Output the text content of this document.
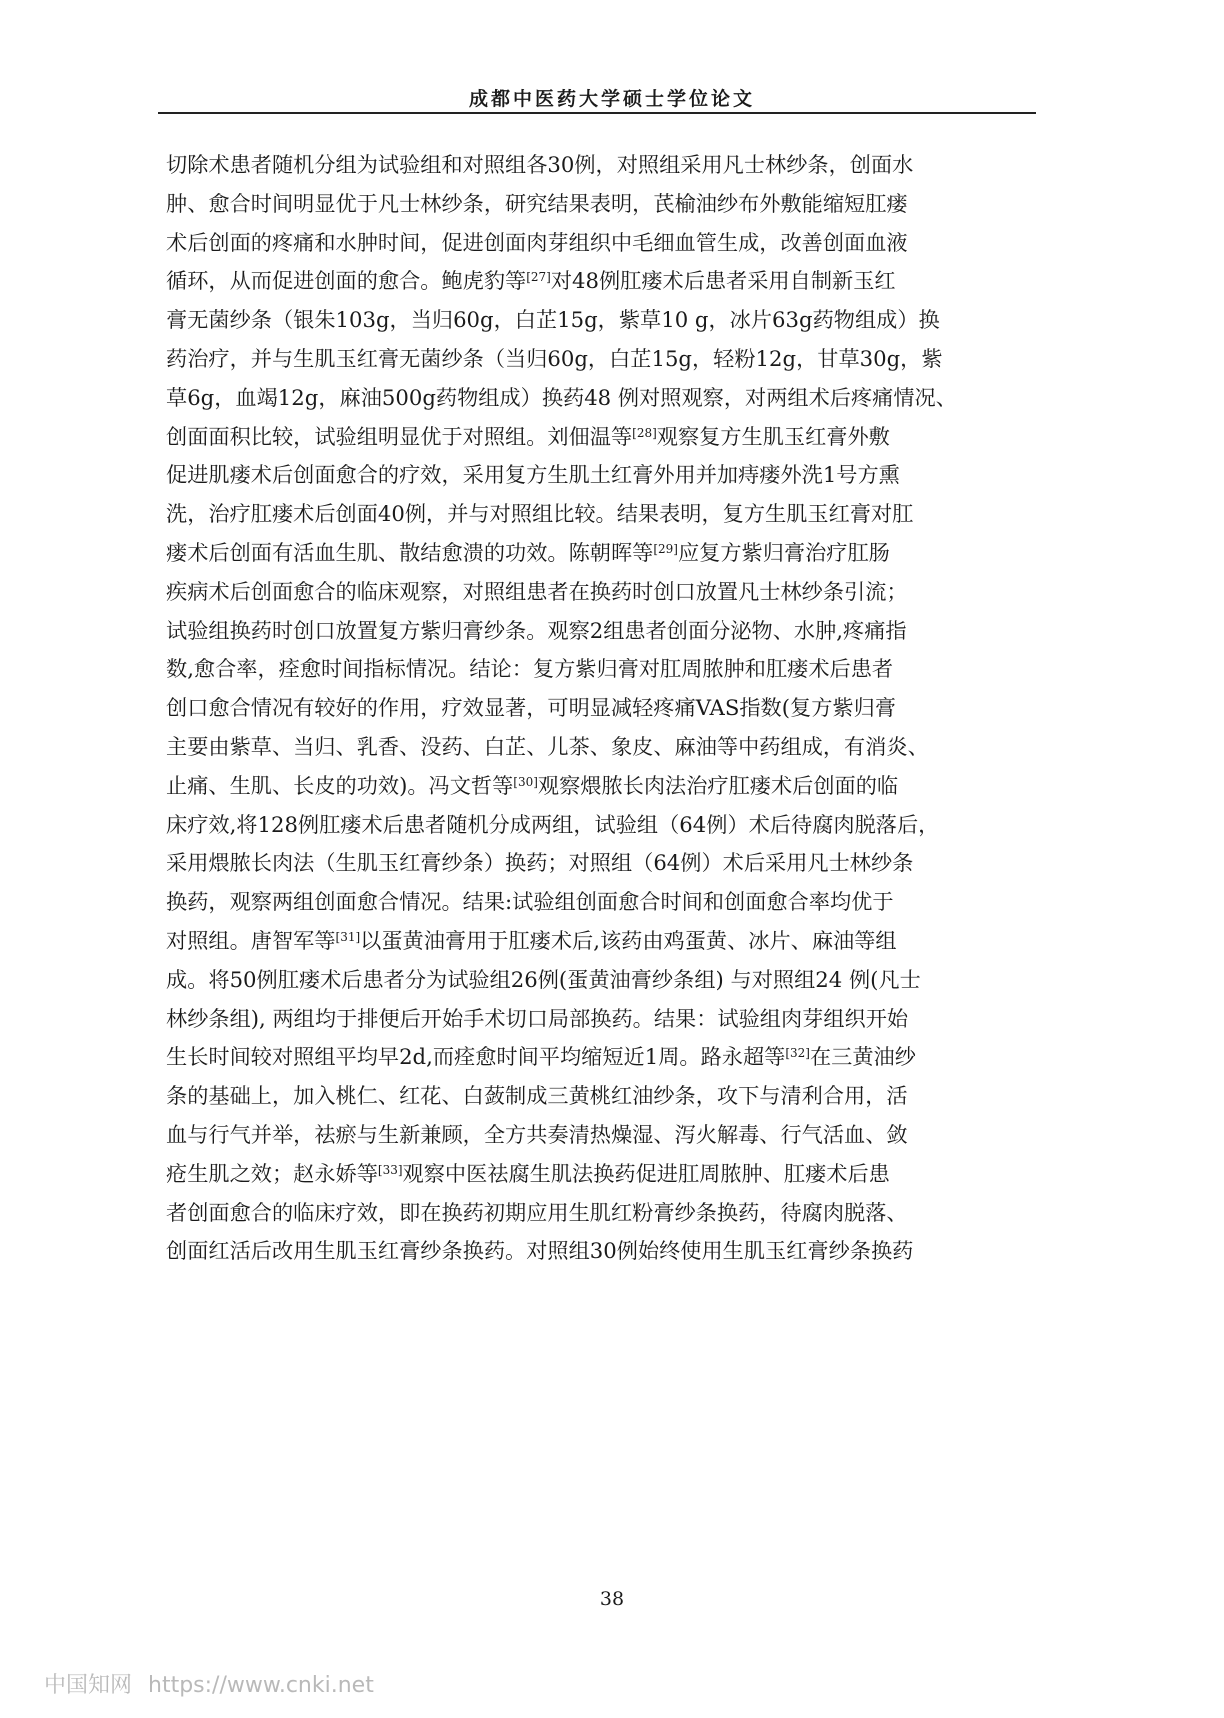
成都中医药大学硕士学位论文
切除术患者随机分组为试验组和对照组各30例，对照组采用凡士林纱条，创面水
肿、愈合时间明显优于凡士林纱条，研究结果表明，芪榆油纱布外敷能缩短肛瘘
术后创面的疼痛和水肿时间，促进创面肉芽组织中毛细血管生成，改善创面血液
循环，从而促进创面的愈合。鲍虎豹等[27]对48例肛瘘术后患者采用自制新玉红
膏无菌纱条（银朱103g，当归60g，白芷15g，紫草10 g，冰片63g药物组成）换
药治疗，并与生肌玉红膏无菌纱条（当归60g，白芷15g，轻粉12g，甘草30g，紫
草6g，血竭12g，麻油500g药物组成）换药48 例对照观察，对两组术后疼痛情况、
创面面积比较，试验组明显优于对照组。刘佃温等[28]观察复方生肌玉红膏外敷
促进肌瘘术后创面愈合的疗效，采用复方生肌土红膏外用并加痔瘘外洗1号方熏
洗，治疗肛瘘术后创面40例，并与对照组比较。结果表明，复方生肌玉红膏对肛
瘘术后创面有活血生肌、散结愈溃的功效。陈朝晖等[29]应复方紫归膏治疗肛肠
疾病术后创面愈合的临床观察，对照组患者在换药时创口放置凡士林纱条引流；
试验组换药时创口放置复方紫归膏纱条。观察2组患者创面分泌物、水肿,疼痛指
数,愈合率，痊愈时间指标情况。结论：复方紫归膏对肛周脓肿和肛瘘术后患者
创口愈合情况有较好的作用，疗效显著，可明显减轻疼痛VAS指数(复方紫归膏
主要由紫草、当归、乳香、没药、白芷、儿茶、象皮、麻油等中药组成，有消炎、
止痛、生肌、长皮的功效)。冯文哲等[30]观察煨脓长肉法治疗肛瘘术后创面的临
床疗效,将128例肛瘘术后患者随机分成两组，试验组（64例）术后待腐肉脱落后，
采用煨脓长肉法（生肌玉红膏纱条）换药；对照组（64例）术后采用凡士林纱条
换药，观察两组创面愈合情况。结果:试验组创面愈合时间和创面愈合率均优于
对照组。唐智军等[31]以蛋黄油膏用于肛瘘术后,该药由鸡蛋黄、冰片、麻油等组
成。将50例肛瘘术后患者分为试验组26例(蛋黄油膏纱条组) 与对照组24 例(凡士
林纱条组), 两组均于排便后开始手术切口局部换药。结果：试验组肉芽组织开始
生长时间较对照组平均早2d,而痊愈时间平均缩短近1周。路永超等[32]在三黄油纱
条的基础上，加入桃仁、红花、白蔹制成三黄桃红油纱条，攻下与清利合用，活
血与行气并举，祛瘀与生新兼顾，全方共奏清热燥湿、泻火解毒、行气活血、敛
疮生肌之效；赵永娇等[33]观察中医祛腐生肌法换药促进肛周脓肿、肛瘘术后患
者创面愈合的临床疗效，即在换药初期应用生肌红粉膏纱条换药，待腐肉脱落、
创面红活后改用生肌玉红膏纱条换药。对照组30例始终使用生肌玉红膏纱条换药
38
中国知网 https://www.cnki.net
